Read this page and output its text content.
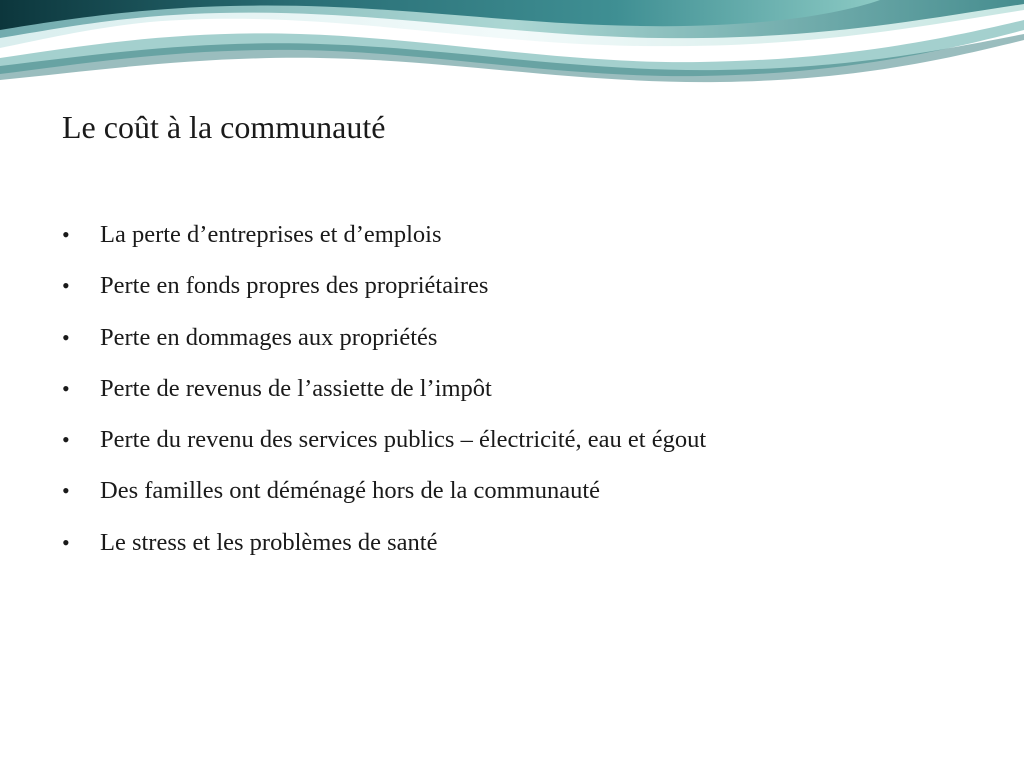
Le coût à la communauté
•	La perte d’entreprises et d’emplois
•	Perte en fonds propres des propriétaires
•	Perte en dommages aux propriétés
•	Perte de revenus de l’assiette de l’impôt
•	Perte du revenu des services publics – électricité, eau et égout
•	Des familles ont déménagé hors de la communauté
•	Le stress et les problèmes de santé
